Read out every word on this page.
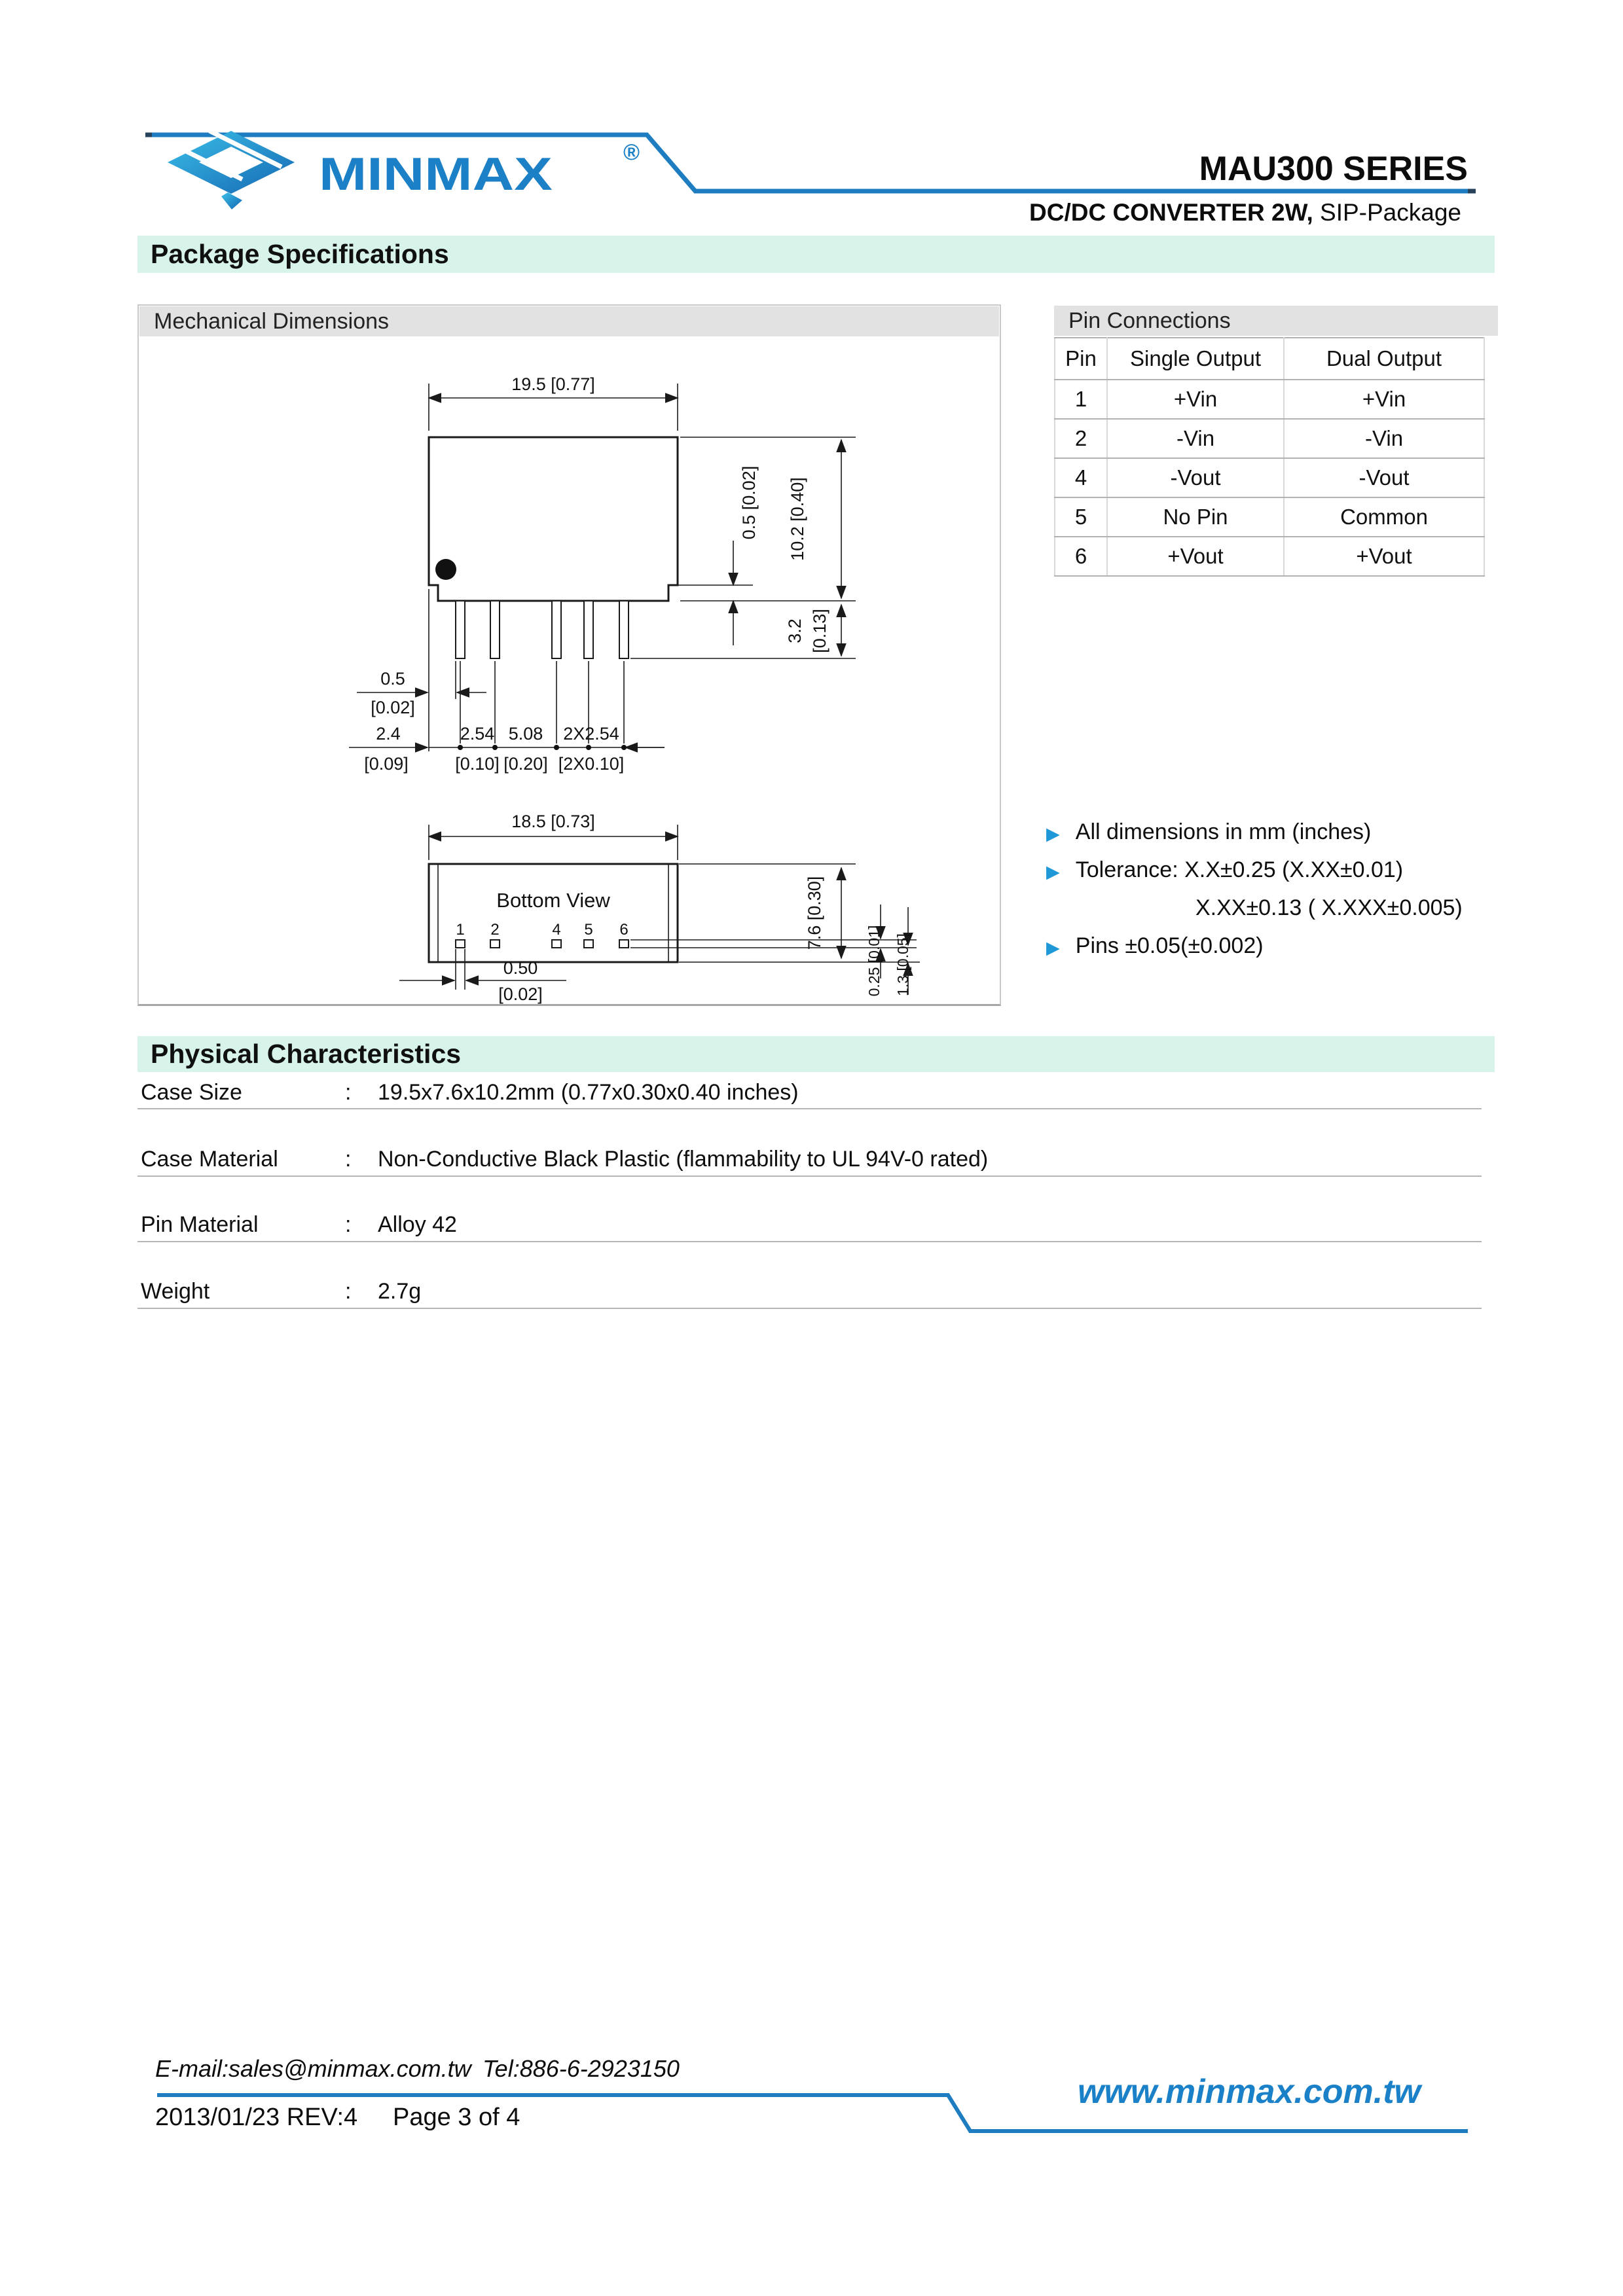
MINMAX	®	MAU300 SERIES
DC/DC CONVERTER 2W, SIP-Package
Package Specifications
Mechanical Dimensions
19.5 [0.77]
0.5 [0.02] 10.2 [0.40]
3.2 [0.13]
0.5
[0.02]
2.4
[0.09]
2.54 5.08 2X2.54
[0.10] [0.20] [2X0.10]
18.5 [0.73]
Bottom View
1 2	4 5 6
0.50
[0.02]
7.6 [0.30]
0.25 [0.01] 1.3 [0.05]
Pin Connections
Pin	Single Output	Dual Output
1	+Vin	+Vin
2	-Vin	-Vin
4	-Vout	-Vout
5	No Pin	Common
6	+Vout	+Vout
▶ All dimensions in mm (inches)
▶ Tolerance: X.X±0.25 (X.XX±0.01)
X.XX±0.13 ( X.XXX±0.005)
▶ Pins ±0.05(±0.002)
Physical Characteristics
Case Size	: 19.5x7.6x10.2mm (0.77x0.30x0.40 inches)
Case Material	: Non-Conductive Black Plastic (flammability to UL 94V-0 rated)
Pin Material	: Alloy 42
Weight	: 2.7g
E-mail:sales@minmax.com.tw Tel:886-6-2923150
2013/01/23 REV:4 Page 3 of 4
www.minmax.com.tw
